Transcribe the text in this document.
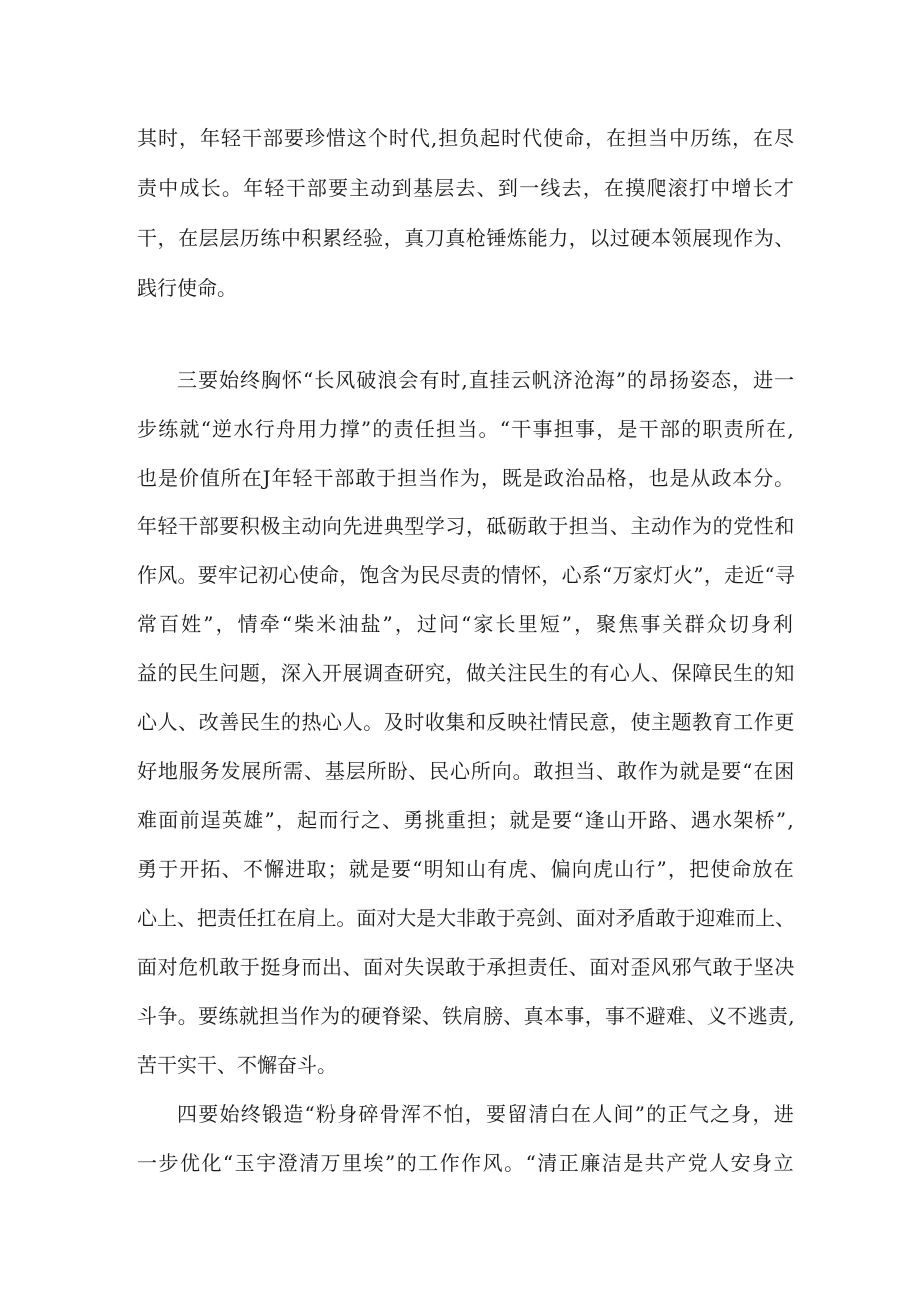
其时，年轻干部要珍惜这个时代,担负起时代使命，在担当中历练，在尽
责中成长。年轻干部要主动到基层去、到一线去，在摸爬滚打中增长才
干，在层层历练中积累经验，真刀真枪锤炼能力，以过硬本领展现作为、
践行使命。
三要始终胸怀“长风破浪会有时,直挂云帆济沧海”的昂扬姿态，进一
步练就“逆水行舟用力撑”的责任担当。“干事担事，是干部的职责所在,
也是价值所在J年轻干部敢于担当作为，既是政治品格，也是从政本分。
年轻干部要积极主动向先进典型学习，砥砺敢于担当、主动作为的党性和
作风。要牢记初心使命，饱含为民尽责的情怀，心系“万家灯火”，走近“寻
常百姓”，情牵“柴米油盐”，过问“家长里短”，聚焦事关群众切身利
益的民生问题，深入开展调查研究，做关注民生的有心人、保障民生的知
心人、改善民生的热心人。及时收集和反映社情民意，使主题教育工作更
好地服务发展所需、基层所盼、民心所向。敢担当、敢作为就是要“在困
难面前逞英雄”，起而行之、勇挑重担；就是要“逢山开路、遇水架桥”,
勇于开拓、不懈进取；就是要“明知山有虎、偏向虎山行”，把使命放在
心上、把责任扛在肩上。面对大是大非敢于亮剑、面对矛盾敢于迎难而上、
面对危机敢于挺身而出、面对失误敢于承担责任、面对歪风邪气敢于坚决
斗争。要练就担当作为的硬脊梁、铁肩膀、真本事，事不避难、义不逃责,
苦干实干、不懈奋斗。
四要始终锻造“粉身碎骨浑不怕，要留清白在人间”的正气之身，进
一步优化“玉宇澄清万里埃”的工作作风。“清正廉洁是共产党人安身立
